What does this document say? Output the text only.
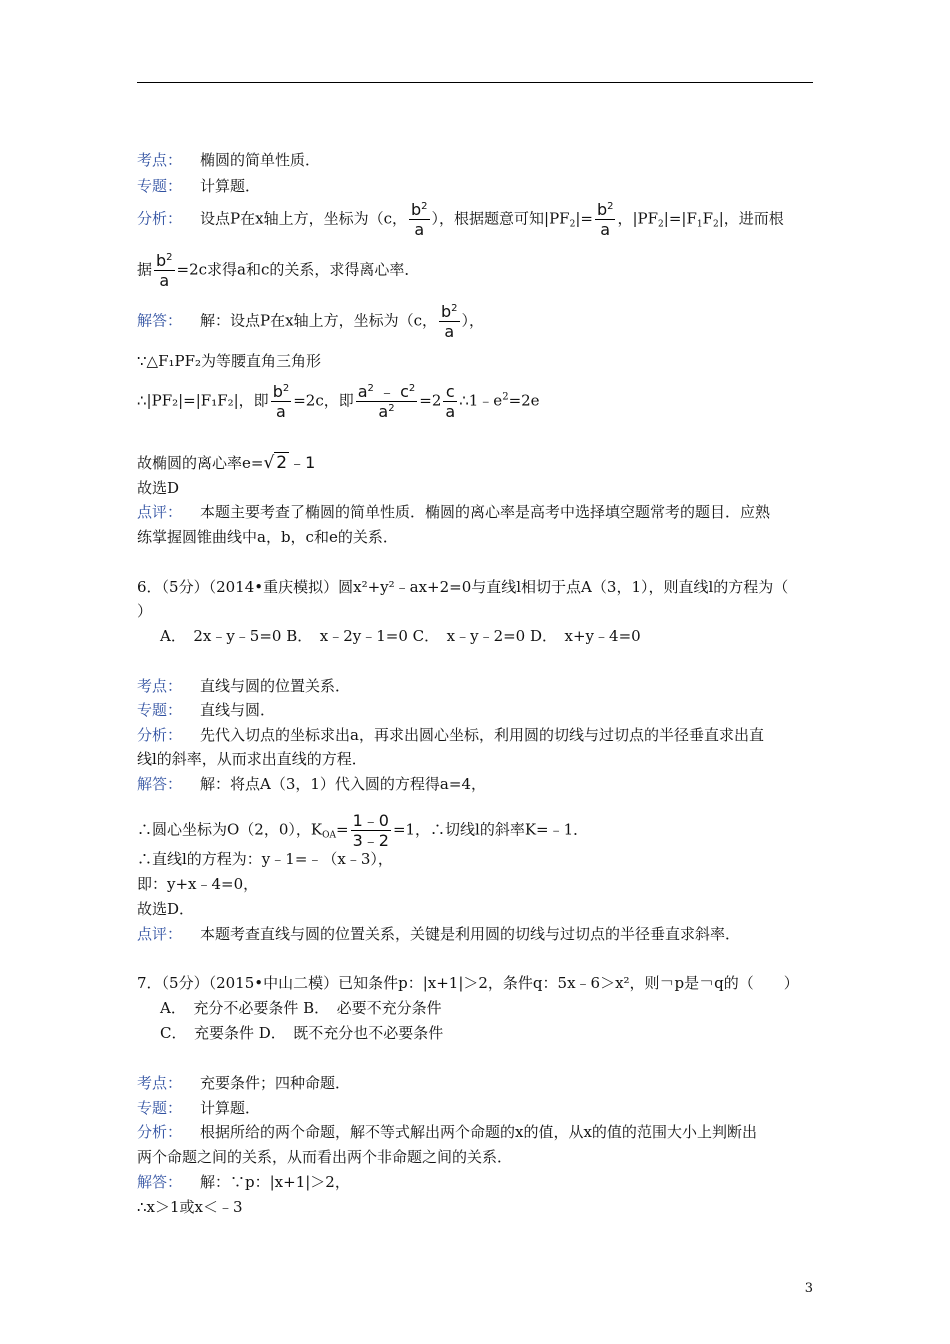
考点： 椭圆的简单性质．
专题： 计算题．
分析： 设点P在x轴上方，坐标为（c， $\frac{b^2}{a}$ ），根据题意可知$|PF_2|= \frac{b^2}{a}$ ，$|PF_2|=|F_1F_2|$，进而根
据 $\frac{b^2}{a} =2c$求得a和c的关系，求得离心率．
解答： 解：设点P在x轴上方，坐标为（c， $\frac{b^2}{a}$ ），
∵△F₁PF₂为等腰直角三角形
∴|PF₂|=|F₁F₂|，即 $\frac{b^2}{a} =2c$，即 $\frac{a^2 ﹣ c^2}{a^2} =2 \frac{c}{a}$ $\therefore 1﹣e^2=2e$
故椭圆的离心率e=√ 2 ﹣1
故选D
点评： 本题主要考查了椭圆的简单性质．椭圆的离心率是高考中选择填空题常考的题目．应熟
练掌握圆锥曲线中a，b，c和e的关系．
6．（5分）（2014•重庆模拟）圆x²+y²﹣ax+2=0与直线l相切于点A（3，1），则直线l的方程为（
）
A．　2x﹣y﹣5=0 B．　x﹣2y﹣1=0 C．　x﹣y﹣2=0 D．　x+y﹣4=0
考点： 直线与圆的位置关系．
专题： 直线与圆．
分析： 先代入切点的坐标求出a，再求出圆心坐标，利用圆的切线与过切点的半径垂直求出直
线l的斜率，从而求出直线的方程．
解答： 解：将点A（3，1）代入圆的方程得a=4，
∴圆心坐标为O（2，0），$K_{OA}= \frac{1﹣0}{3﹣2} =1$，∴切线l的斜率K=﹣1．
∴直线l的方程为：y﹣1=﹣（x﹣3），
即：y+x﹣4=0，
故选D．
点评： 本题考查直线与圆的位置关系，关键是利用圆的切线与过切点的半径垂直求斜率．
7．（5分）（2015•中山二模）已知条件p：|x+1|＞2，条件q：5x﹣6＞x²，则￢p是￢q的（　　）
A．　充分不必要条件 B．　必要不充分条件
C．　充要条件 D．　既不充分也不必要条件
考点： 充要条件；四种命题．
专题： 计算题．
分析： 根据所给的两个命题，解不等式解出两个命题的x的值，从x的值的范围大小上判断出
两个命题之间的关系，从而看出两个非命题之间的关系．
解答： 解：∵p：|x+1|＞2，
∴x＞1或x＜﹣3
3
